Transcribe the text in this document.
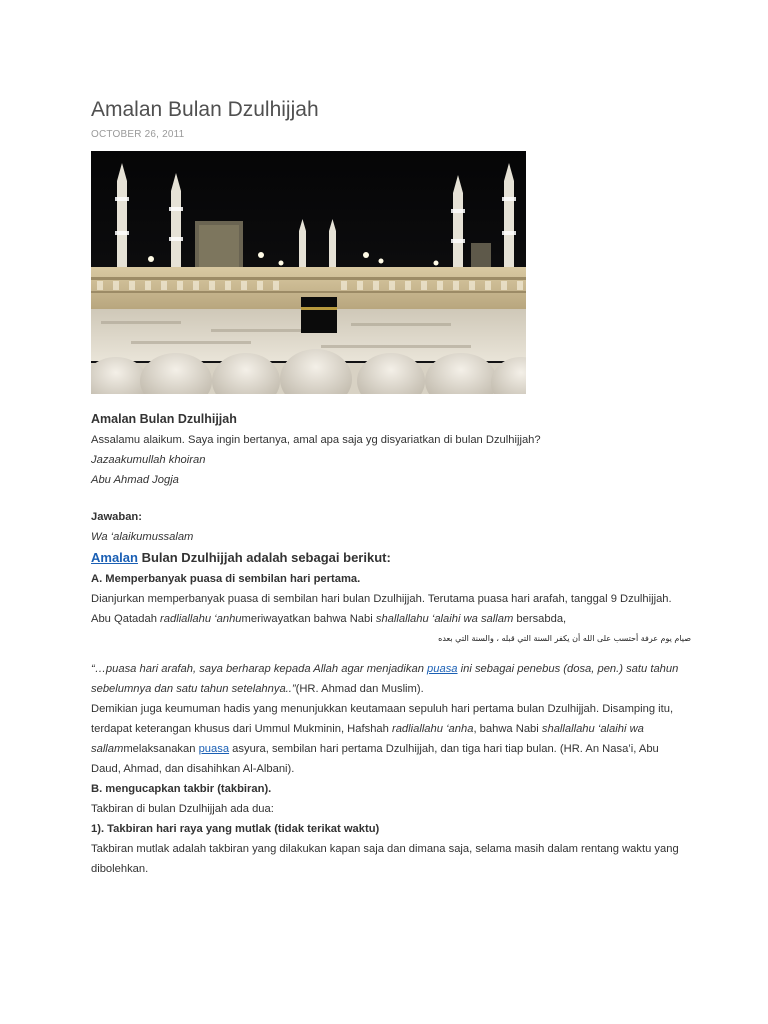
Amalan Bulan Dzulhijjah
OCTOBER 26, 2011

Amalan Bulan Dzulhijjah

Assalamu alaikum. Saya ingin bertanya, amal apa saja yg disyariatkan di bulan Dzulhijjah?

Jazaakumullah khoiran

Abu Ahmad Jogja

Jawaban:

Wa ‘alaikumussalam

Amalan Bulan Dzulhijjah adalah sebagai berikut:

A. Memperbanyak puasa di sembilan hari pertama.

Dianjurkan memperbanyak puasa di sembilan hari bulan Dzulhijjah. Terutama puasa hari arafah, tanggal 9 Dzulhijjah. Abu Qatadah radliallahu ‘anhumeriwayatkan bahwa Nabi shallallahu ‘alaihi wa sallam bersabda,

صيام يوم عرفة أحتسب على الله أن يكفر السنة التي قبله ، والسنة التي بعده

“…puasa hari arafah, saya berharap kepada Allah agar menjadikan puasa ini sebagai penebus (dosa, pen.) satu tahun sebelumnya dan satu tahun setelahnya..”(HR. Ahmad dan Muslim).

Demikian juga keumuman hadis yang menunjukkan keutamaan sepuluh hari pertama bulan Dzulhijjah. Disamping itu, terdapat keterangan khusus dari Ummul Mukminin, Hafshah radliallahu ‘anha, bahwa Nabi shallallahu ‘alaihi wa sallammelaksanakan puasa asyura, sembilan hari pertama Dzulhijjah, dan tiga hari tiap bulan. (HR. An Nasa’i, Abu Daud, Ahmad, dan disahihkan Al-Albani).

B. mengucapkan takbir (takbiran).

Takbiran di bulan Dzulhijjah ada dua:

1). Takbiran hari raya yang mutlak (tidak terikat waktu)

Takbiran mutlak adalah takbiran yang dilakukan kapan saja dan dimana saja, selama masih dalam rentang waktu yang dibolehkan.
